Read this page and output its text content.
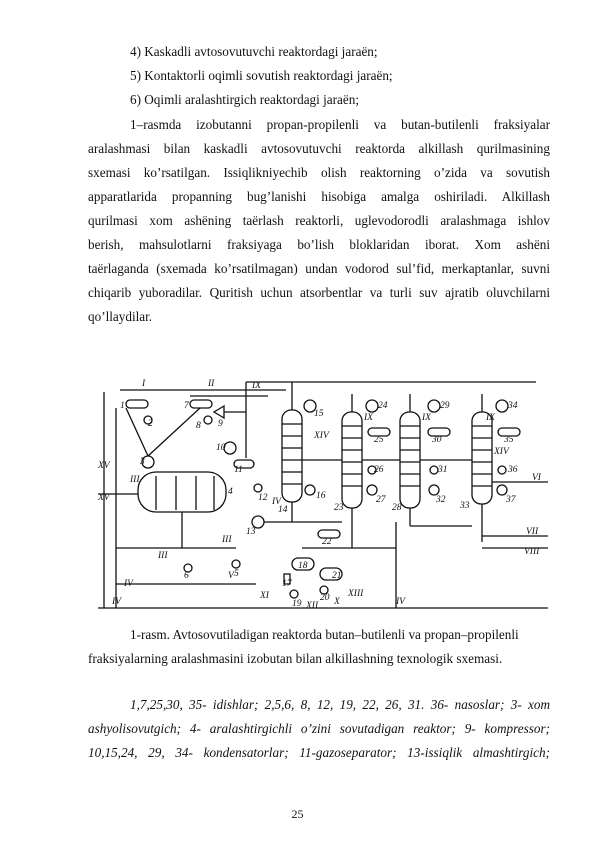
4) Kaskadli avtosovutuvchi reaktordagi jaraёn;
5) Kontaktorli oqimli sovutish reaktordagi jaraёn;
6) Oqimli aralashtirgich reaktordagi jaraёn;
1–rasmda izobutanni propan-propilenli va butan-butilenli fraksiyalar
aralashmasi bilan kaskadli avtosovutuvchi reaktorda alkillash qurilmasining
sxemasi ko’rsatilgan. Issiqlikniyechib olish reaktorning o’zida va sovutish
apparatlarida propanning bug’lanishi hisobiga amalga oshiriladi. Alkillash
qurilmasi xom ashёning taёrlash reaktorli, uglevodorodli aralashmaga ishlov
berish, mahsulotlarni fraksiyaga bo’lish bloklaridan iborat. Xom ashёni
taёrlaganda (sxemada ko’rsatilmagan) undan vodorod sul’fid, merkaptanlar, suvni
chiqarib yuboradilar. Quritish uchun atsorbentlar va turli suv ajratib oluvchilarni
qo’llaydilar.
I	II
III
III
IV
IV
IV
IV
IX
IX	IX	IX
V
VI
VII
VIII
X
XI
XII
XIII
XIV
XIV
XV
XV
III
1
2
3
4
5
6
7
8 9
10
11
12
13
14
15
16
17
18
19
20
21
22
23
24
25
26
27
28
29
30
31
32
33
34
35
36
37
1-rasm. Avtosovutiladigan reaktorda butan–butilenli va propan–propilenli
fraksiyalarning aralashmasini izobutan bilan alkillashning texnologik sxemasi.
1,7,25,30, 35- idishlar; 2,5,6, 8, 12, 19, 22, 26, 31. 36- nasoslar; 3- xom
ashyolisovutgich; 4- aralashtirgichli o’zini sovutadigan reaktor; 9- kompressor;
10,15,24, 29, 34- kondensatorlar; 11-gazoseparator; 13-issiqlik almashtirgich;
25
